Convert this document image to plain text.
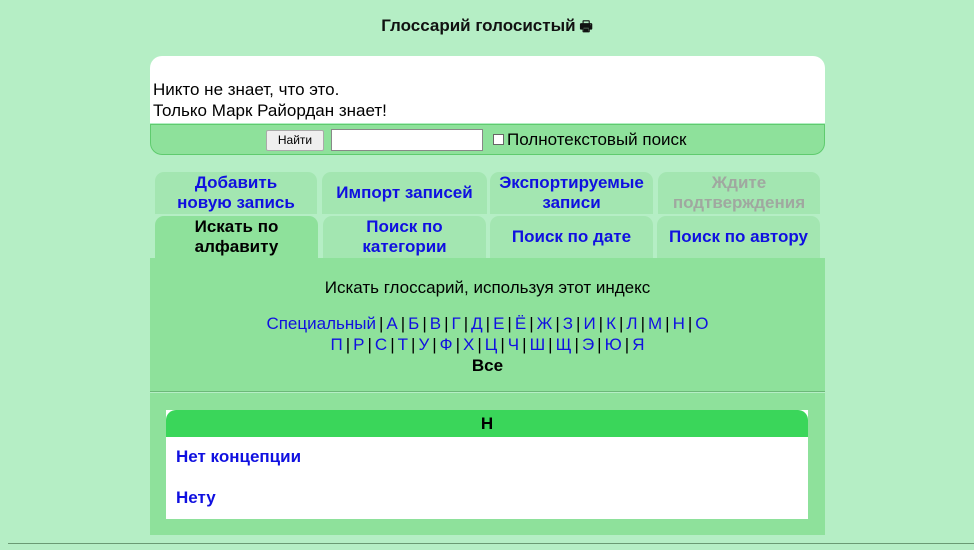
Глоссарий голосистый 🖶
Никто не знает, что это.
Только Марк Райордан знает!
Найти	Полнотекстовый поиск
Добавить новую запись
Импорт записей
Экспортируемые записи
Ждите подтверждения
Искать по алфавиту
Поиск по категории
Поиск по дате Поиск по автору
Искать глоссарий, используя этот индекс
Специальный | А | Б | В | Г | Д | Е | Ё | Ж | З | И | К | Л | М | Н | О
П | Р | С | Т | У | Ф | Х | Ц | Ч | Ш | Щ | Э | Ю | Я
Все
Н
Нет концепции
Нету
